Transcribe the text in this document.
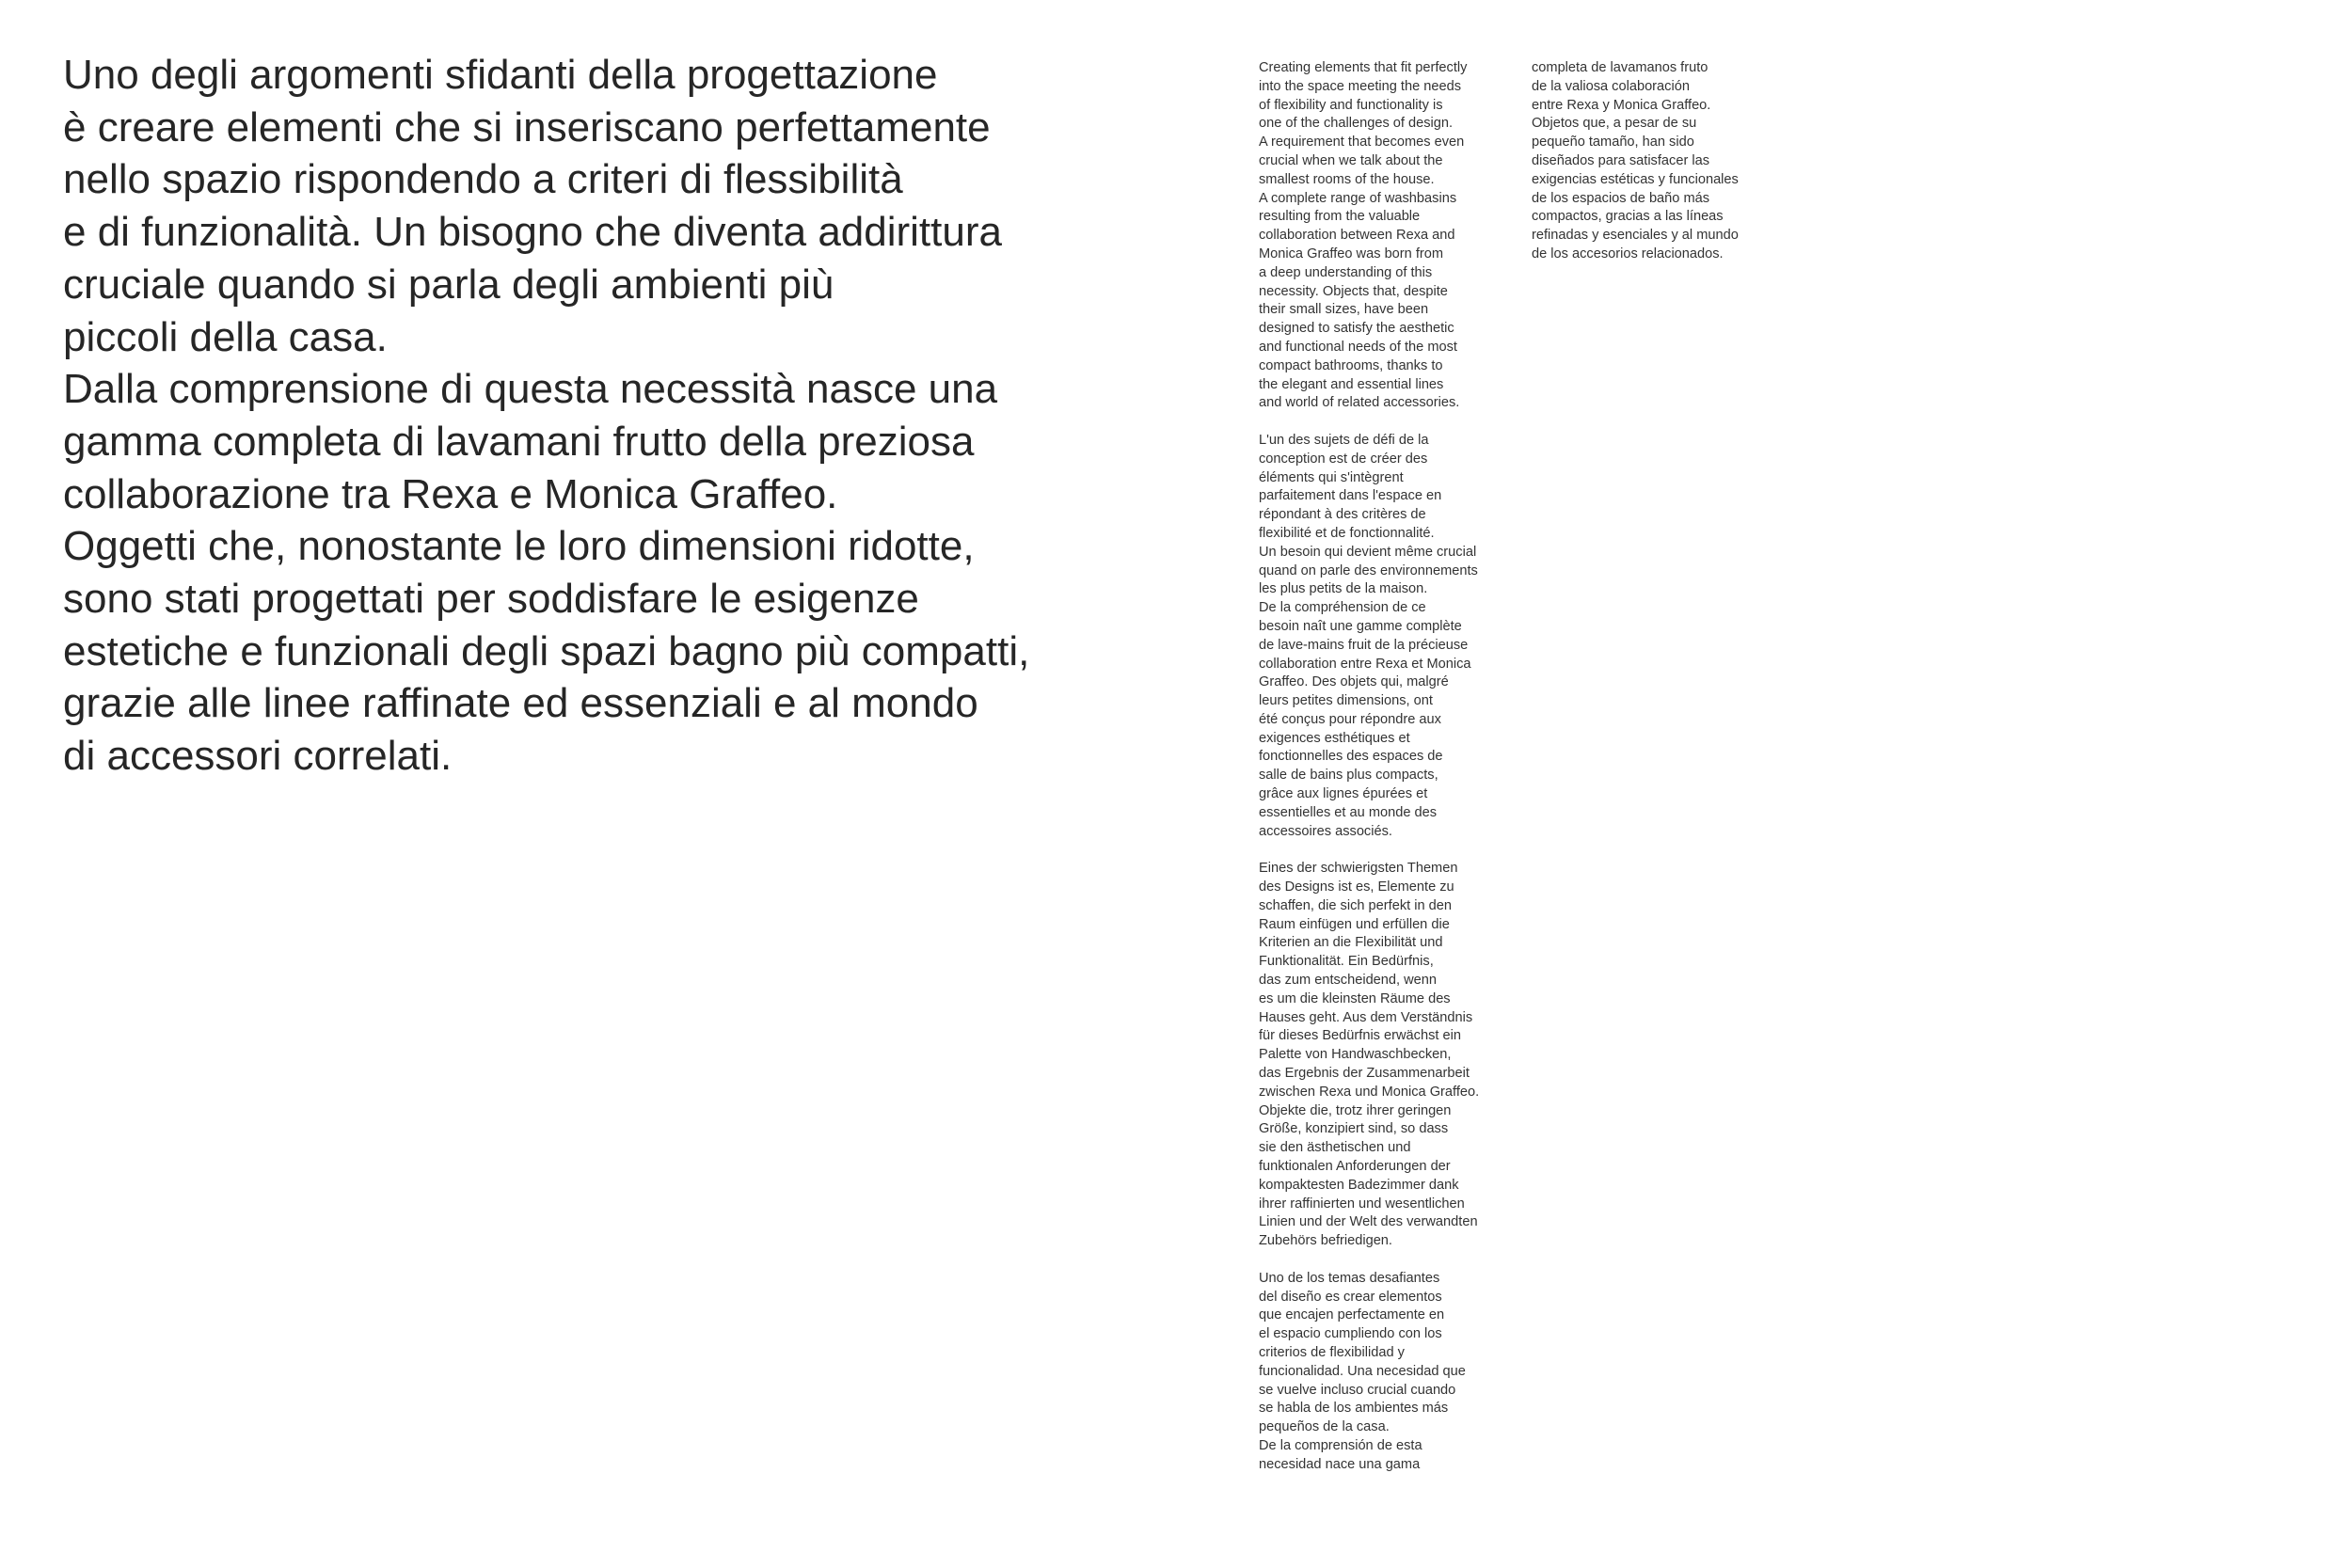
Uno degli argomenti sfidanti della progettazione
è creare elementi che si inseriscano perfettamente
nello spazio rispondendo a criteri di flessibilità
e di funzionalità. Un bisogno che diventa addirittura
cruciale quando si parla degli ambienti più
piccoli della casa.
Dalla comprensione di questa necessità nasce una
gamma completa di lavamani frutto della preziosa
collaborazione tra Rexa e Monica Graffeo.
Oggetti che, nonostante le loro dimensioni ridotte,
sono stati progettati per soddisfare le esigenze
estetiche e funzionali degli spazi bagno più compatti,
grazie alle linee raffinate ed essenziali e al mondo
di accessori correlati.
Creating elements that fit perfectly
into the space meeting the needs
of flexibility and functionality is
one of the challenges of design.
A requirement that becomes even
crucial when we talk about the
smallest rooms of the house.
A complete range of washbasins
resulting from the valuable
collaboration between Rexa and
Monica Graffeo was born from
a deep understanding of this
necessity. Objects that, despite
their small sizes, have been
designed to satisfy the aesthetic
and functional needs of the most
compact bathrooms, thanks to
the elegant and essential lines
and world of related accessories.
L'un des sujets de défi de la
conception est de créer des
éléments qui s'intègrent
parfaitement dans l'espace en
répondant à des critères de
flexibilité et de fonctionnalité.
Un besoin qui devient même crucial
quand on parle des environnements
les plus petits de la maison.
De la compréhension de ce
besoin naît une gamme complète
de lave-mains fruit de la précieuse
collaboration entre Rexa et Monica
Graffeo. Des objets qui, malgré
leurs petites dimensions, ont
été conçus pour répondre aux
exigences esthétiques et
fonctionnelles des espaces de
salle de bains plus compacts,
grâce aux lignes épurées et
essentielles et au monde des
accessoires associés.
Eines der schwierigsten Themen
des Designs ist es, Elemente zu
schaffen, die sich perfekt in den
Raum einfügen und erfüllen die
Kriterien an die Flexibilität und
Funktionalität. Ein Bedürfnis,
das zum entscheidend, wenn
es um die kleinsten Räume des
Hauses geht. Aus dem Verständnis
für dieses Bedürfnis erwächst ein
Palette von Handwaschbecken,
das Ergebnis der Zusammenarbeit
zwischen Rexa und Monica Graffeo.
Objekte die, trotz ihrer geringen
Größe, konzipiert sind, so dass
sie den ästhetischen und
funktionalen Anforderungen der
kompaktesten Badezimmer dank
ihrer raffinierten und wesentlichen
Linien und der Welt des verwandten
Zubehörs befriedigen.
Uno de los temas desafiantes
del diseño es crear elementos
que encajen perfectamente en
el espacio cumpliendo con los
criterios de flexibilidad y
funcionalidad. Una necesidad que
se vuelve incluso crucial cuando
se habla de los ambientes más
pequeños de la casa.
De la comprensión de esta
necesidad nace una gama
completa de lavamanos fruto
de la valiosa colaboración
entre Rexa y Monica Graffeo.
Objetos que, a pesar de su
pequeño tamaño, han sido
diseñados para satisfacer las
exigencias estéticas y funcionales
de los espacios de baño más
compactos, gracias a las líneas
refinadas y esenciales y al mundo
de los accesorios relacionados.
